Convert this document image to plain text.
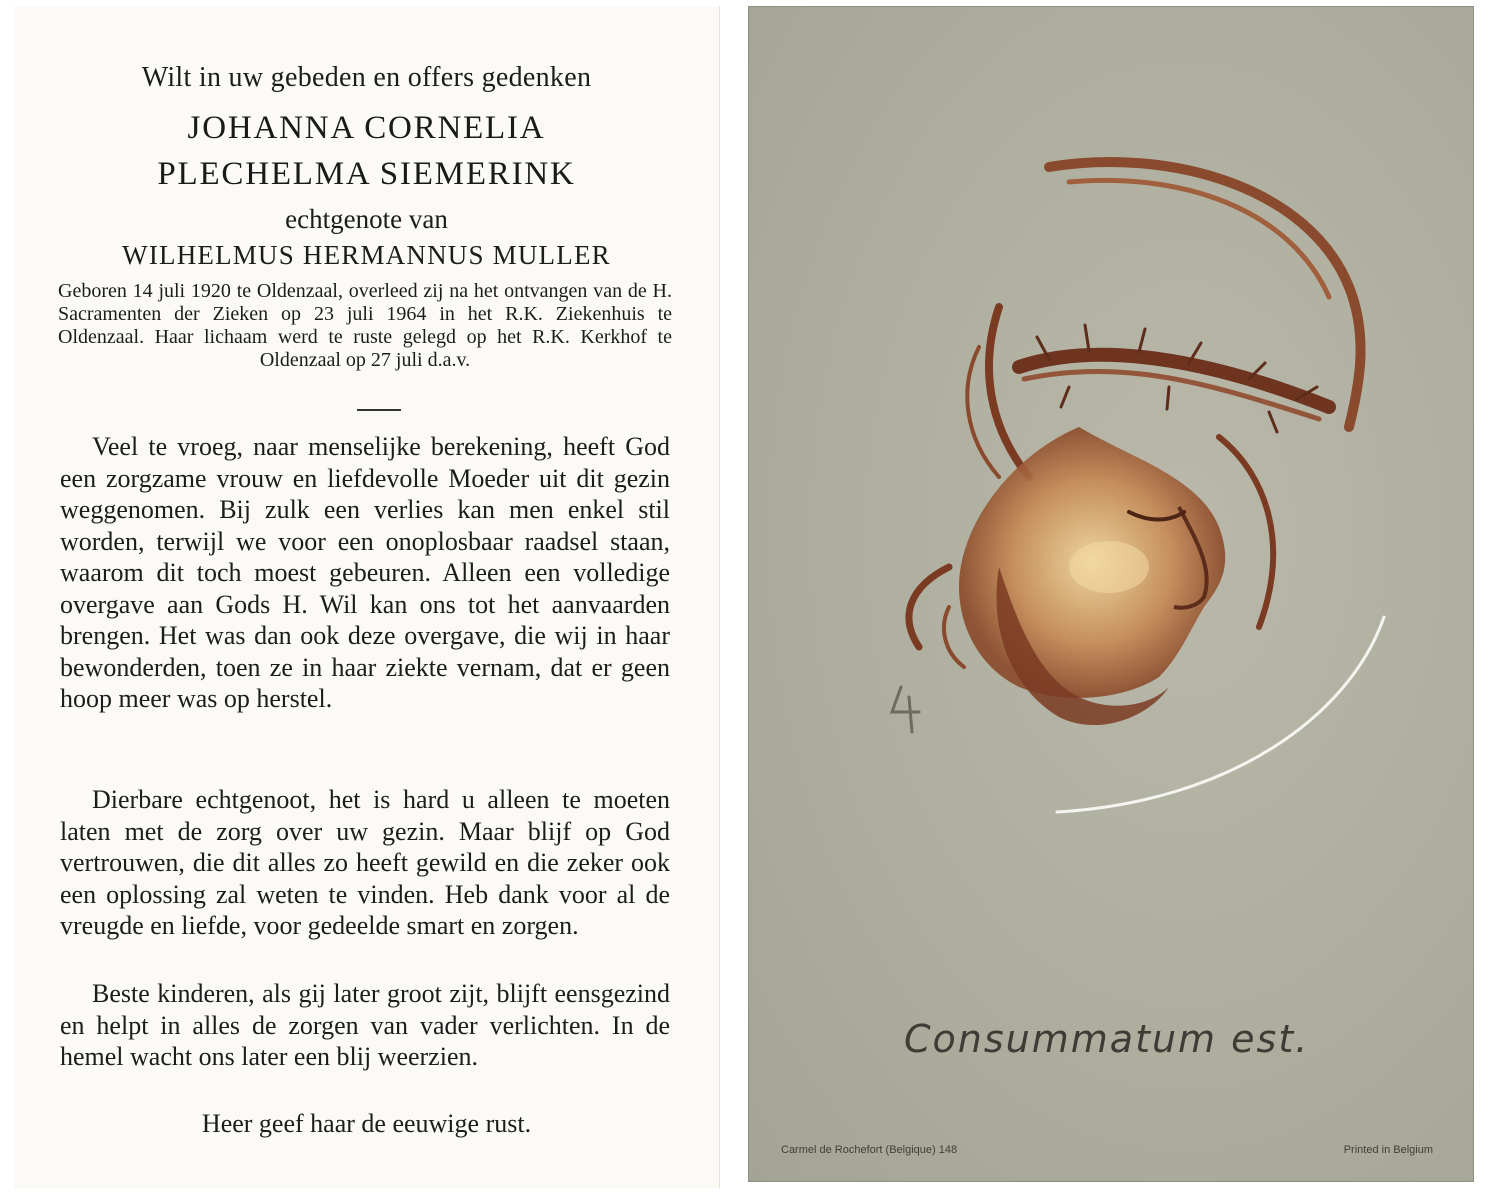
Wilt in uw gebeden en offers gedenken
JOHANNA CORNELIA
PLECHELMA SIEMERINK
echtgenote van
WILHELMUS HERMANNUS MULLER
Geboren 14 juli 1920 te Oldenzaal, overleed zij na het ontvangen van de H. Sacramenten der Zieken op 23 juli 1964 in het R.K. Ziekenhuis te Oldenzaal. Haar lichaam werd te ruste gelegd op het R.K. Kerkhof te Oldenzaal op 27 juli d.a.v.
Veel te vroeg, naar menselijke berekening, heeft God een zorgzame vrouw en liefdevolle Moeder uit dit gezin weggenomen. Bij zulk een verlies kan men enkel stil worden, terwijl we voor een onoplosbaar raadsel staan, waarom dit toch moest gebeuren. Alleen een volledige overgave aan Gods H. Wil kan ons tot het aanvaarden brengen. Het was dan ook deze overgave, die wij in haar bewonderden, toen ze in haar ziekte vernam, dat er geen hoop meer was op herstel.
Dierbare echtgenoot, het is hard u alleen te moeten laten met de zorg over uw gezin. Maar blijf op God vertrouwen, die dit alles zo heeft gewild en die zeker ook een oplossing zal weten te vinden. Heb dank voor al de vreugde en liefde, voor gedeelde smart en zorgen.
Beste kinderen, als gij later groot zijt, blijft eensgezind en helpt in alles de zorgen van vader verlichten. In de hemel wacht ons later een blij weerzien.
Heer geef haar de eeuwige rust.
Consummatum est.
Carmel de Rochefort (Belgique) 148	Printed in Belgium
